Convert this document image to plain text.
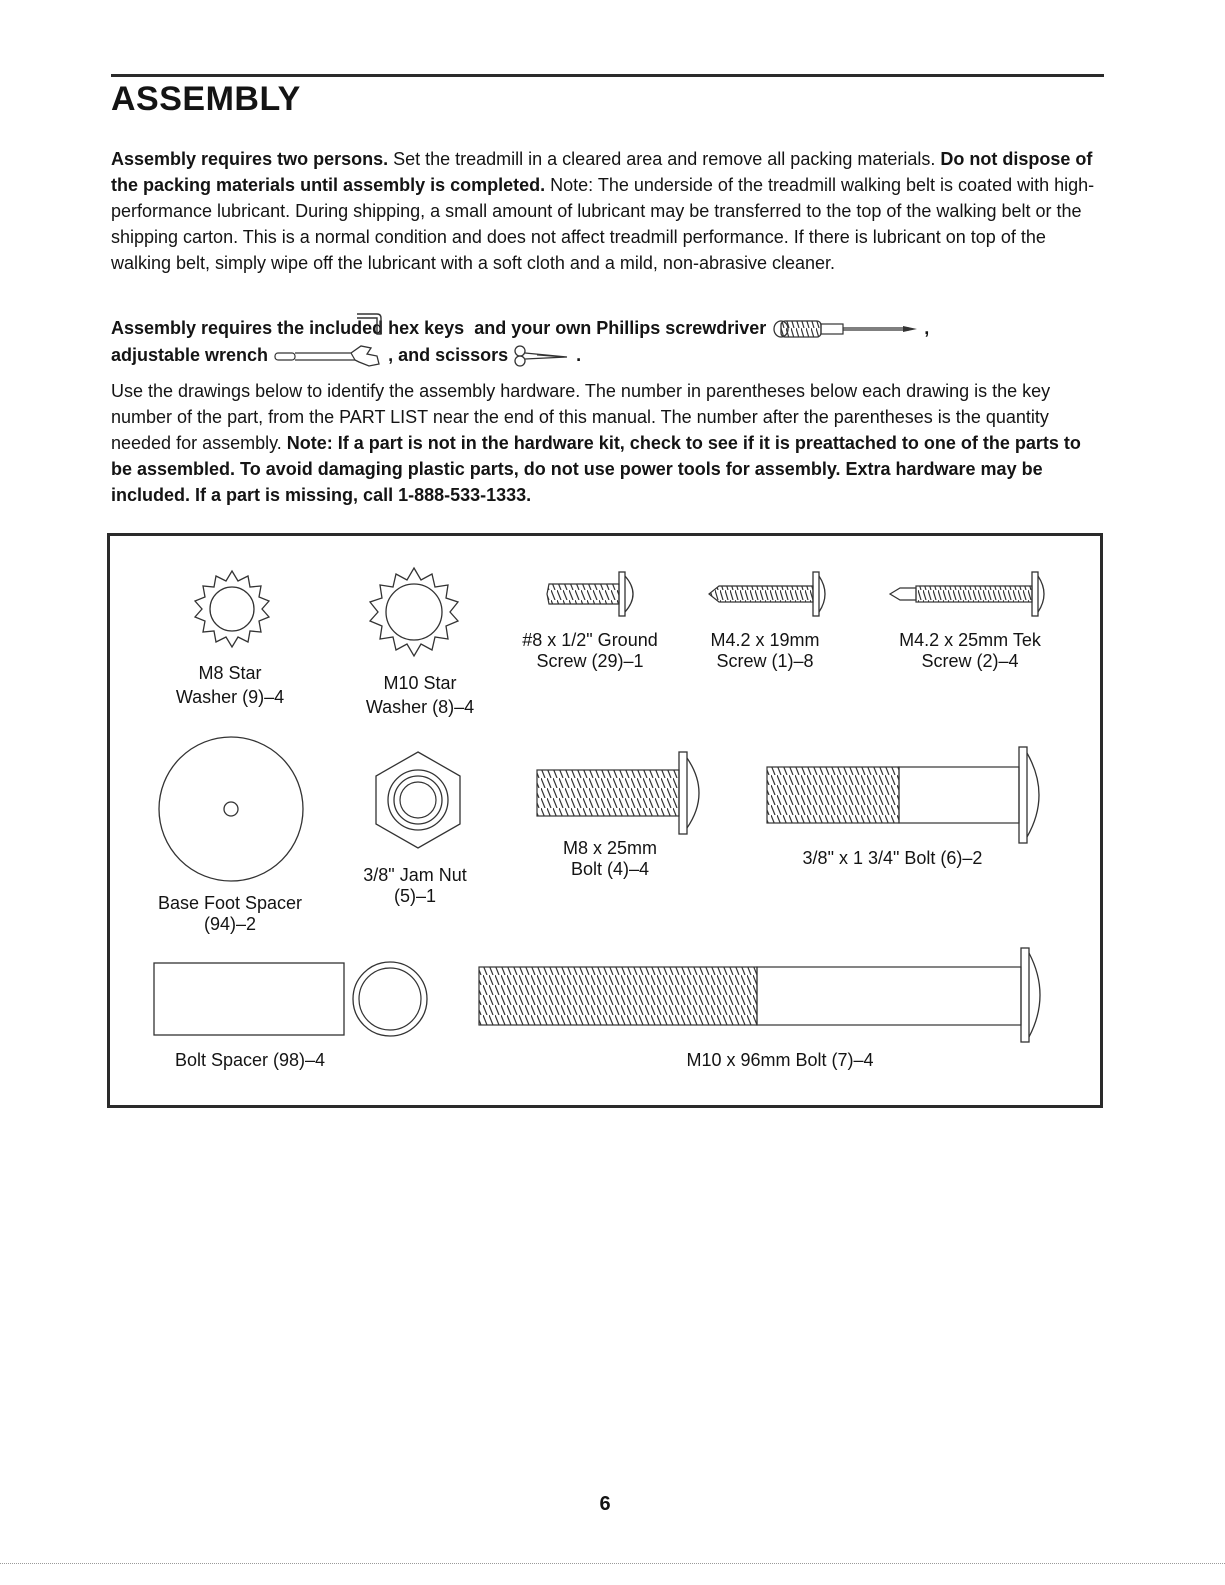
ASSEMBLY

Assembly requires two persons. Set the treadmill in a cleared area and remove all packing materials. Do not dispose of the packing materials until assembly is completed. Note: The underside of the treadmill walking belt is coated with high-performance lubricant. During shipping, a small amount of lubricant may be transferred to the top of the walking belt or the shipping carton. This is a normal condition and does not affect treadmill performance. If there is lubricant on top of the walking belt, simply wipe off the lubricant with a soft cloth and a mild, non-abrasive cleaner.

Assembly requires the included hex keys  and your own Phillips screwdriver	,
adjustable wrench	, and scissors	.

Use the drawings below to identify the assembly hardware. The number in parentheses below each drawing is the key number of the part, from the PART LIST near the end of this manual. The number after the parentheses is the quantity needed for assembly. Note: If a part is not in the hardware kit, check to see if it is preattached to one of the parts to be assembled. To avoid damaging plastic parts, do not use power tools for assembly. Extra hardware may be included. If a part is missing, call 1-888-533-1333.

M8 Star
Washer (9)–4
M10 Star
Washer (8)–4
#8 x 1/2" Ground
Screw (29)–1
M4.2 x 19mm
Screw (1)–8
M4.2 x 25mm Tek
Screw (2)–4
Base Foot Spacer
(94)–2
3/8" Jam Nut
(5)–1
M8 x 25mm
Bolt (4)–4
3/8" x 1 3/4" Bolt (6)–2
Bolt Spacer (98)–4	M10 x 96mm Bolt (7)–4
6
